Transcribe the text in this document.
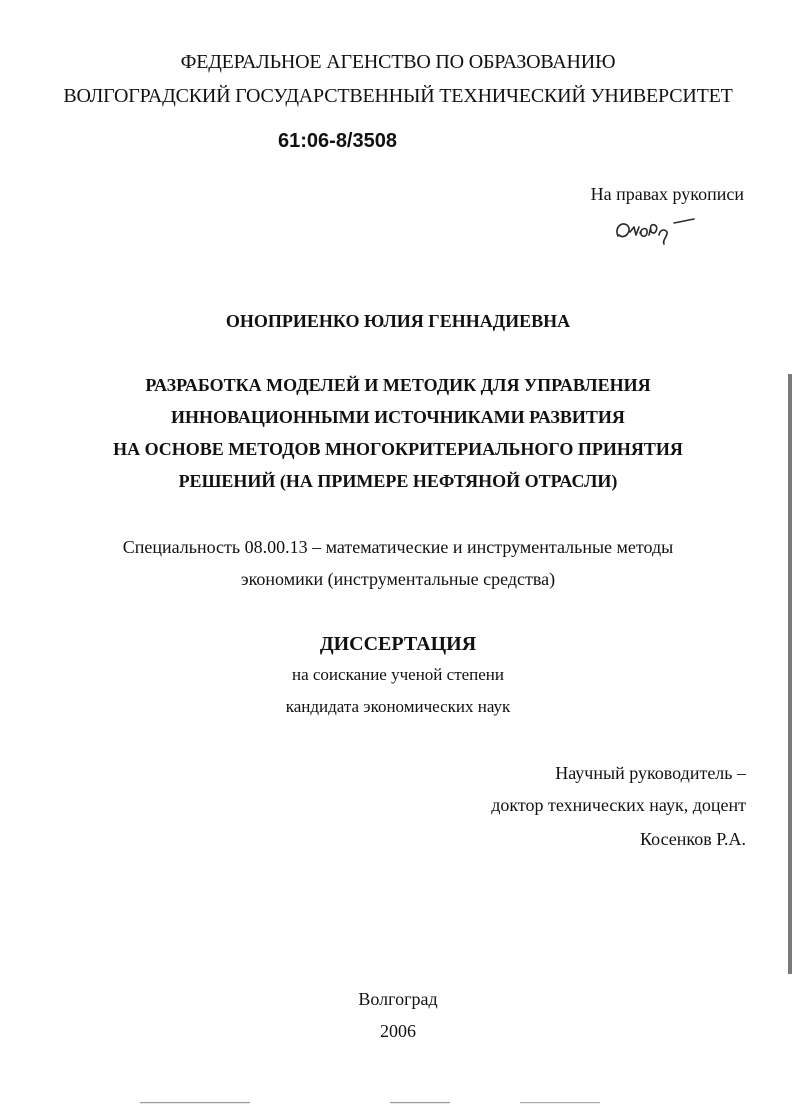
ФЕДЕРАЛЬНОЕ АГЕНСТВО ПО ОБРАЗОВАНИЮ
ВОЛГОГРАДСКИЙ ГОСУДАРСТВЕННЫЙ ТЕХНИЧЕСКИЙ УНИВЕРСИТЕТ
61:06-8/3508
На правах рукописи
ОНОПРИЕНКО ЮЛИЯ ГЕННАДИЕВНА
РАЗРАБОТКА МОДЕЛЕЙ И МЕТОДИК ДЛЯ УПРАВЛЕНИЯ
ИННОВАЦИОННЫМИ ИСТОЧНИКАМИ РАЗВИТИЯ
НА ОСНОВЕ МЕТОДОВ МНОГОКРИТЕРИАЛЬНОГО ПРИНЯТИЯ
РЕШЕНИЙ (НА ПРИМЕРЕ НЕФТЯНОЙ ОТРАСЛИ)
Специальность 08.00.13 – математические и инструментальные методы
экономики (инструментальные средства)
ДИССЕРТАЦИЯ
на соискание ученой степени
кандидата экономических наук
Научный руководитель –
доктор технических наук, доцент
Косенков Р.А.
Волгоград
2006
